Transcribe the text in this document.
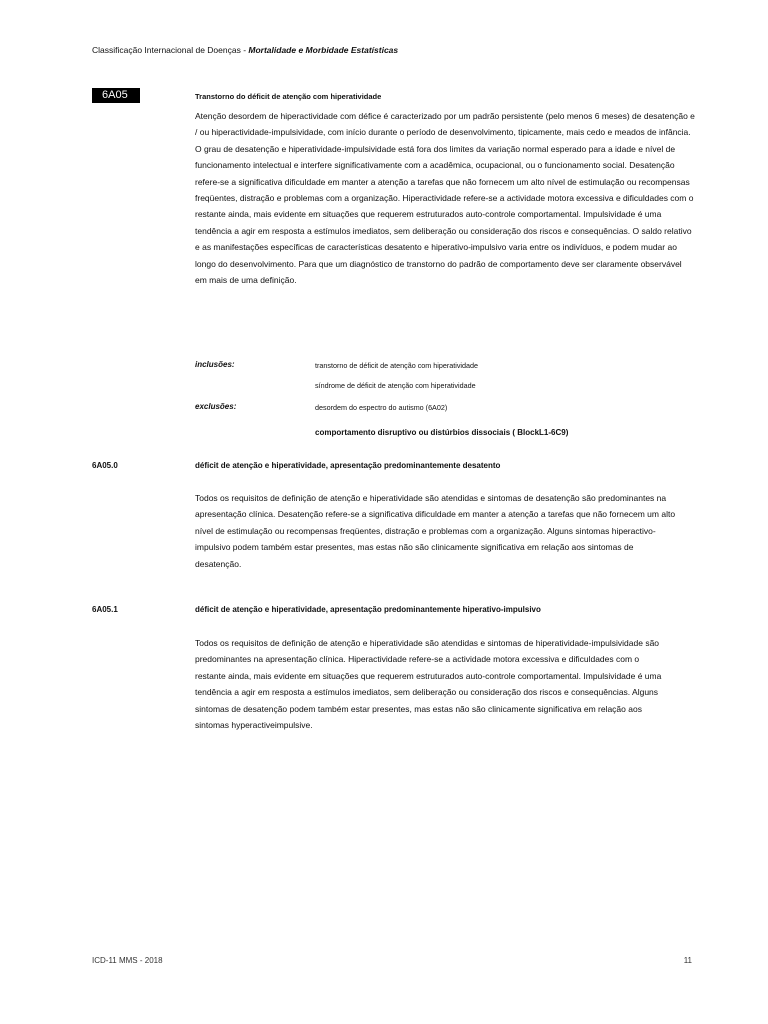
Classificação Internacional de Doenças - Mortalidade e Morbidade Estatísticas
6A05	Transtorno do déficit de atenção com hiperatividade

Atenção desordem de hiperactividade com défice é caracterizado por um padrão persistente (pelo menos 6 meses) de desatenção e / ou hiperactividade-impulsividade, com início durante o período de desenvolvimento, tipicamente, mais cedo e meados de infância. O grau de desatenção e hiperatividade-impulsividade está fora dos limites da variação normal esperado para a idade e nível de funcionamento intelectual e interfere significativamente com a acadêmica, ocupacional, ou o funcionamento social. Desatenção refere-se a significativa dificuldade em manter a atenção a tarefas que não fornecem um alto nível de estimulação ou recompensas freqüentes, distração e problemas com a organização. Hiperactividade refere-se a actividade motora excessiva e dificuldades com o restante ainda, mais evidente em situações que requerem estruturados auto-controle comportamental. Impulsividade é uma tendência a agir em resposta a estímulos imediatos, sem deliberação ou consideração dos riscos e consequências. O saldo relativo e as manifestações específicas de características desatento e hiperativo-impulsivo varia entre os indivíduos, e podem mudar ao longo do desenvolvimento. Para que um diagnóstico de transtorno do padrão de comportamento deve ser claramente observável em mais de uma definição.

inclusões:	transtorno de déficit de atenção com hiperatividade
síndrome de déficit de atenção com hiperatividade
exclusões:	desordem do espectro do autismo (6A02)
comportamento disruptivo ou distúrbios dissociais ( BlockL1-6C9)
6A05.0	déficit de atenção e hiperatividade, apresentação predominantemente desatento

Todos os requisitos de definição de atenção e hiperatividade são atendidas e sintomas de desatenção são predominantes na apresentação clínica. Desatenção refere-se a significativa dificuldade em manter a atenção a tarefas que não fornecem um alto nível de estimulação ou recompensas freqüentes, distração e problemas com a organização. Alguns sintomas hiperactivo-impulsivo podem também estar presentes, mas estas não são clinicamente significativa em relação aos sintomas de desatenção.

6A05.1	déficit de atenção e hiperatividade, apresentação predominantemente hiperativo-impulsivo

Todos os requisitos de definição de atenção e hiperatividade são atendidas e sintomas de hiperatividade-impulsividade são predominantes na apresentação clínica. Hiperactividade refere-se a actividade motora excessiva e dificuldades com o restante ainda, mais evidente em situações que requerem estruturados auto-controle comportamental. Impulsividade é uma tendência a agir em resposta a estímulos imediatos, sem deliberação ou consideração dos riscos e consequências. Alguns sintomas de desatenção podem também estar presentes, mas estas não são clinicamente significativa em relação aos sintomas hyperactiveimpulsive.

ICD-11 MMS - 2018	11
